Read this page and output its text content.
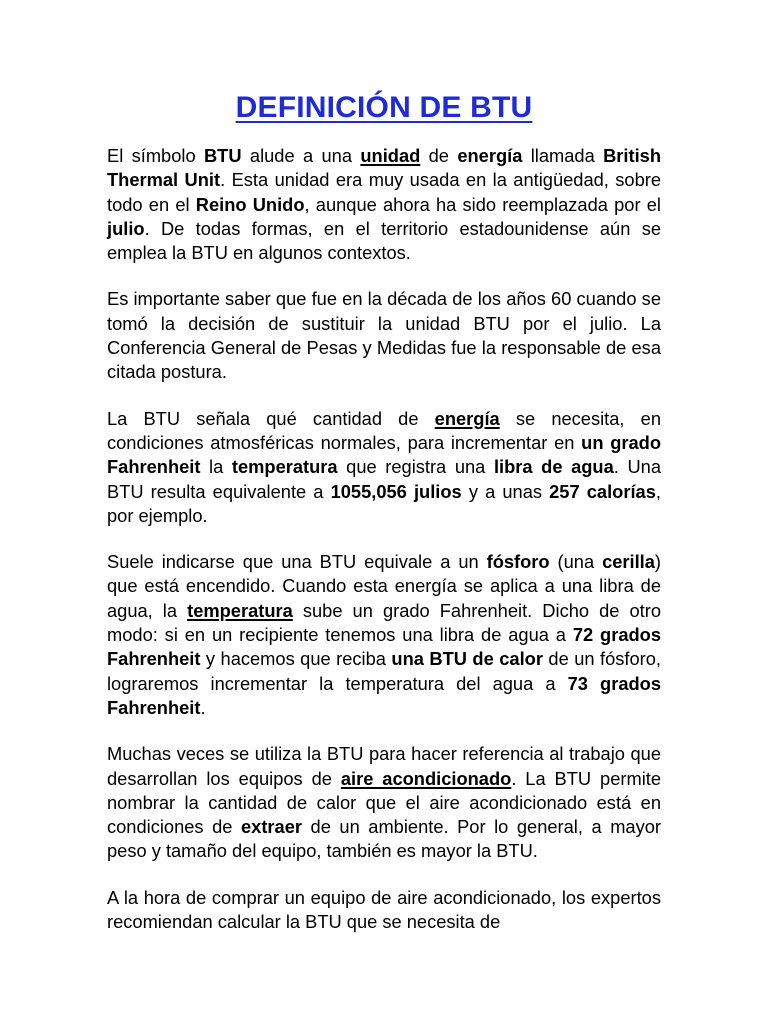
DEFINICIÓN DE BTU

El símbolo BTU alude a una unidad de energía llamada British Thermal Unit. Esta unidad era muy usada en la antigüedad, sobre todo en el Reino Unido, aunque ahora ha sido reemplazada por el julio. De todas formas, en el territorio estadounidense aún se emplea la BTU en algunos contextos.

Es importante saber que fue en la década de los años 60 cuando se tomó la decisión de sustituir la unidad BTU por el julio. La Conferencia General de Pesas y Medidas fue la responsable de esa citada postura.

La BTU señala qué cantidad de energía se necesita, en condiciones atmosféricas normales, para incrementar en un grado Fahrenheit la temperatura que registra una libra de agua. Una BTU resulta equivalente a 1055,056 julios y a unas 257 calorías, por ejemplo.

Suele indicarse que una BTU equivale a un fósforo (una cerilla) que está encendido. Cuando esta energía se aplica a una libra de agua, la temperatura sube un grado Fahrenheit. Dicho de otro modo: si en un recipiente tenemos una libra de agua a 72 grados Fahrenheit y hacemos que reciba una BTU de calor de un fósforo, lograremos incrementar la temperatura del agua a 73 grados Fahrenheit.

Muchas veces se utiliza la BTU para hacer referencia al trabajo que desarrollan los equipos de aire acondicionado. La BTU permite nombrar la cantidad de calor que el aire acondicionado está en condiciones de extraer de un ambiente. Por lo general, a mayor peso y tamaño del equipo, también es mayor la BTU.

A la hora de comprar un equipo de aire acondicionado, los expertos recomiendan calcular la BTU que se necesita de
